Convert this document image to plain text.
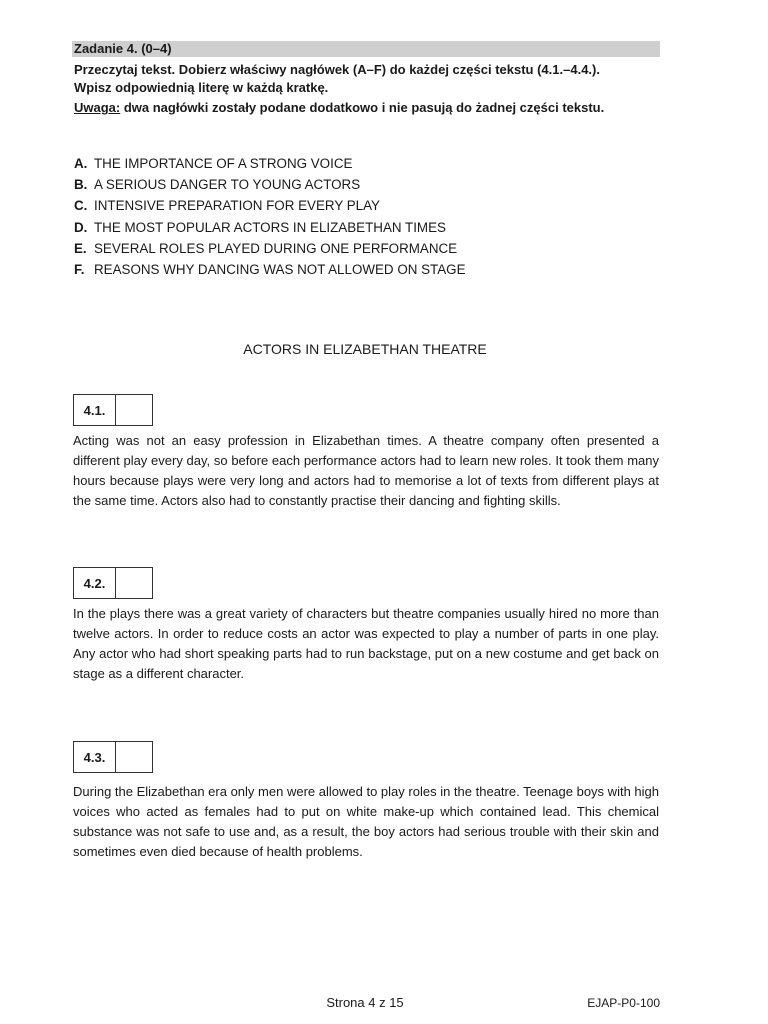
Zadanie 4. (0–4)
Przeczytaj tekst. Dobierz właściwy nagłówek (A–F) do każdej części tekstu (4.1.–4.4.).
Wpisz odpowiednią literę w każdą kratkę.
Uwaga: dwa nagłówki zostały podane dodatkowo i nie pasują do żadnej części tekstu.
A. THE IMPORTANCE OF A STRONG VOICE
B. A SERIOUS DANGER TO YOUNG ACTORS
C. INTENSIVE PREPARATION FOR EVERY PLAY
D. THE MOST POPULAR ACTORS IN ELIZABETHAN TIMES
E. SEVERAL ROLES PLAYED DURING ONE PERFORMANCE
F. REASONS WHY DANCING WAS NOT ALLOWED ON STAGE
ACTORS IN ELIZABETHAN THEATRE
4.1.

Acting was not an easy profession in Elizabethan times. A theatre company often presented a different play every day, so before each performance actors had to learn new roles. It took them many hours because plays were very long and actors had to memorise a lot of texts from different plays at the same time. Actors also had to constantly practise their dancing and fighting skills.

4.2.

In the plays there was a great variety of characters but theatre companies usually hired no more than twelve actors. In order to reduce costs an actor was expected to play a number of parts in one play. Any actor who had short speaking parts had to run backstage, put on a new costume and get back on stage as a different character.

4.3.

During the Elizabethan era only men were allowed to play roles in the theatre. Teenage boys with high voices who acted as females had to put on white make-up which contained lead. This chemical substance was not safe to use and, as a result, the boy actors had serious trouble with their skin and sometimes even died because of health problems.

Strona 4 z 15	EJAP-P0-100
